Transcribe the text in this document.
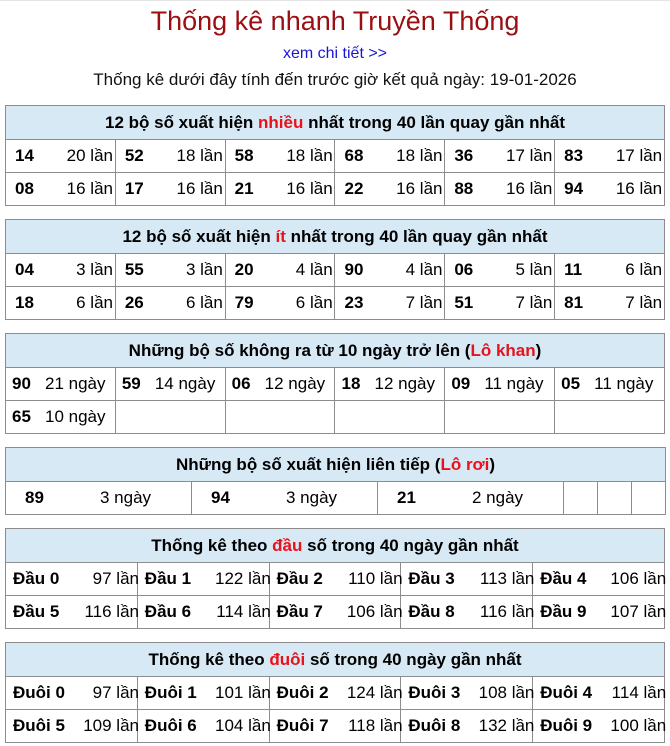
Thống kê nhanh Truyền Thống
xem chi tiết >>
Thống kê dưới đây tính đến trước giờ kết quả ngày: 19-01-2026
12 bộ số xuất hiện nhiều nhất trong 40 lần quay gần nhất					
14 20 lần	52 18 lần	58 18 lần	68 18 lần	36 17 lần	83 17 lần
08 16 lần	17 16 lần	21 16 lần	22 16 lần	88 16 lần	94 16 lần
12 bộ số xuất hiện ít nhất trong 40 lần quay gần nhất					
04 3 lần	55 3 lần	20 4 lần	90 4 lần	06 5 lần	11 6 lần
18 6 lần	26 6 lần	79 6 lần	23 7 lần	51 7 lần	81 7 lần
Những bộ số không ra từ 10 ngày trở lên (Lô khan)					
90 21 ngày	59 14 ngày	06 12 ngày	18 12 ngày	09 11 ngày	05 11 ngày
65 10 ngày					
Những bộ số xuất hiện liên tiếp (Lô rơi)
89	3 ngày	94	3 ngày	21	2 ngày			
Thống kê theo đầu số trong 40 ngày gần nhất				
Đầu 0 97 lần	Đầu 1 122 lần	Đầu 2 110 lần	Đầu 3 113 lần	Đầu 4 106 lần
Đầu 5 116 lần	Đầu 6 114 lần	Đầu 7 106 lần	Đầu 8 116 lần	Đầu 9 107 lần
Thống kê theo đuôi số trong 40 ngày gần nhất				
Đuôi 0 97 lần	Đuôi 1 101 lần	Đuôi 2 124 lần	Đuôi 3 108 lần	Đuôi 4 114 lần
Đuôi 5 109 lần	Đuôi 6 104 lần	Đuôi 7 118 lần	Đuôi 8 132 lần	Đuôi 9 100 lần
